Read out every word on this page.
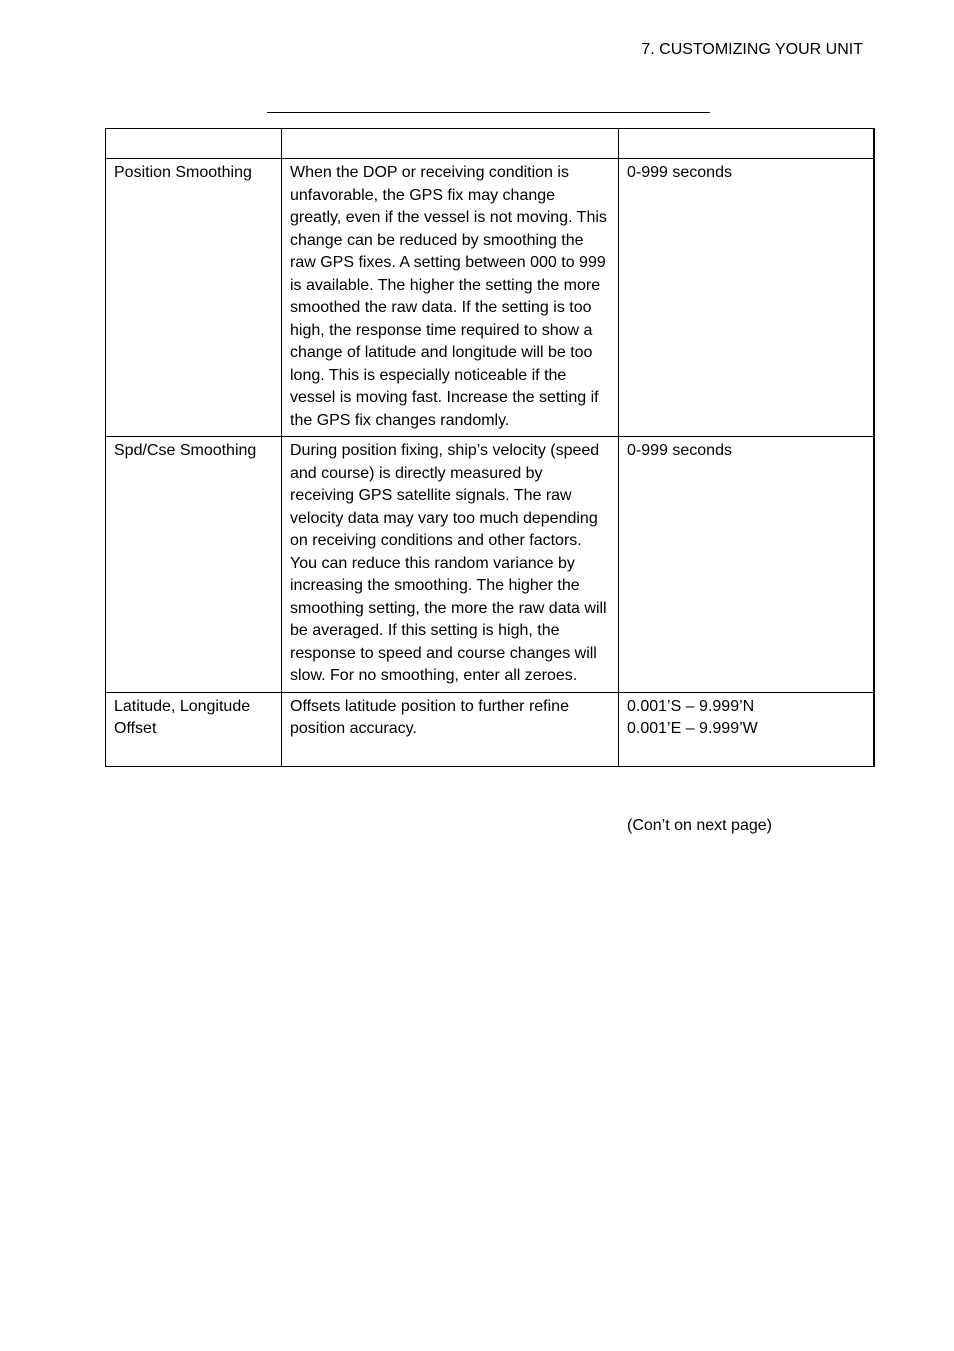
7. CUSTOMIZING YOUR UNIT

Position Smoothing	When the DOP or receiving condition is unfavorable, the GPS fix may change greatly, even if the vessel is not moving. This change can be reduced by smoothing the raw GPS fixes. A setting between 000 to 999 is available. The higher the setting the more smoothed the raw data. If the setting is too high, the response time required to show a change of latitude and longitude will be too long. This is especially noticeable if the vessel is moving fast. Increase the setting if the GPS fix changes randomly.	0-999 seconds

Spd/Cse Smoothing	During position fixing, ship’s velocity (speed and course) is directly measured by receiving GPS satellite signals. The raw velocity data may vary too much depending on receiving conditions and other factors. You can reduce this random variance by increasing the smoothing. The higher the smoothing setting, the more the raw data will be averaged. If this setting is high, the response to speed and course changes will slow. For no smoothing, enter all zeroes.	0-999 seconds

Latitude, Longitude Offset	Offsets latitude position to further refine position accuracy.	0.001’S – 9.999’N
0.001’E – 9.999’W
(Con’t on next page)
